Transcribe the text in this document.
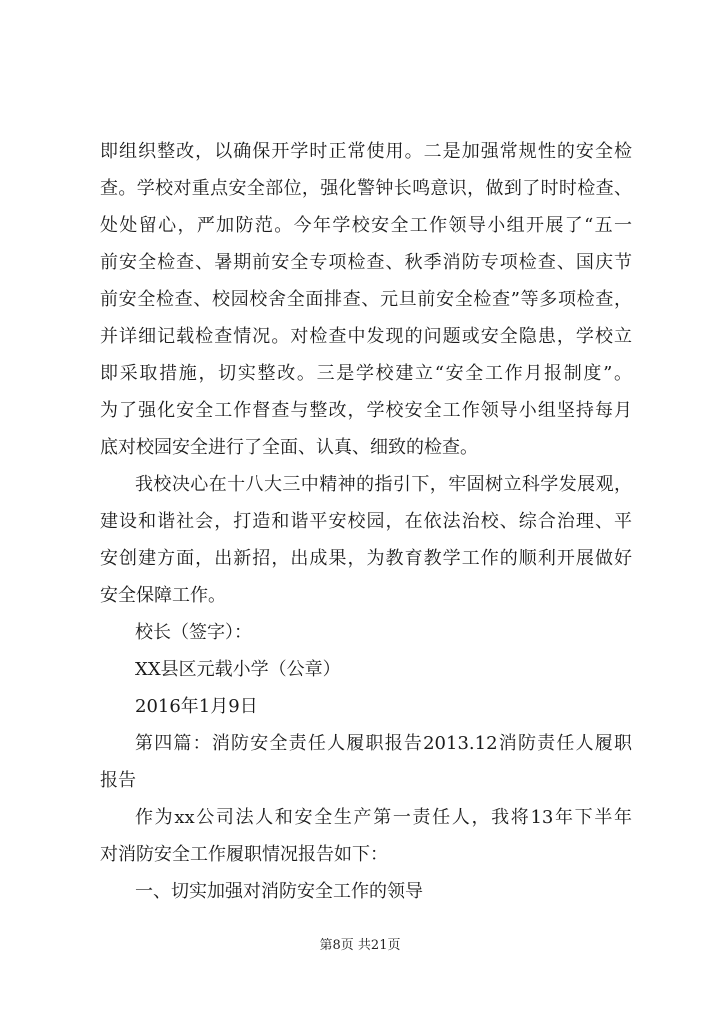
即组织整改，以确保开学时正常使用。二是加强常规性的安全检
查。学校对重点安全部位，强化警钟长鸣意识，做到了时时检查、
处处留心，严加防范。今年学校安全工作领导小组开展了“五一
前安全检查、暑期前安全专项检查、秋季消防专项检查、国庆节
前安全检查、校园校舍全面排查、元旦前安全检查”等多项检查，
并详细记载检查情况。对检查中发现的问题或安全隐患，学校立
即采取措施，切实整改。三是学校建立“安全工作月报制度”。
为了强化安全工作督查与整改，学校安全工作领导小组坚持每月
底对校园安全进行了全面、认真、细致的检查。
我校决心在十八大三中精神的指引下，牢固树立科学发展观，
建设和谐社会，打造和谐平安校园，在依法治校、综合治理、平
安创建方面，出新招，出成果，为教育教学工作的顺利开展做好
安全保障工作。
校长（签字）：
XX县区元载小学（公章）
2016年1月9日
第四篇：消防安全责任人履职报告2013.12消防责任人履职
报告
作为xx公司法人和安全生产第一责任人，我将13年下半年
对消防安全工作履职情况报告如下：
一、切实加强对消防安全工作的领导
第8页 共21页
